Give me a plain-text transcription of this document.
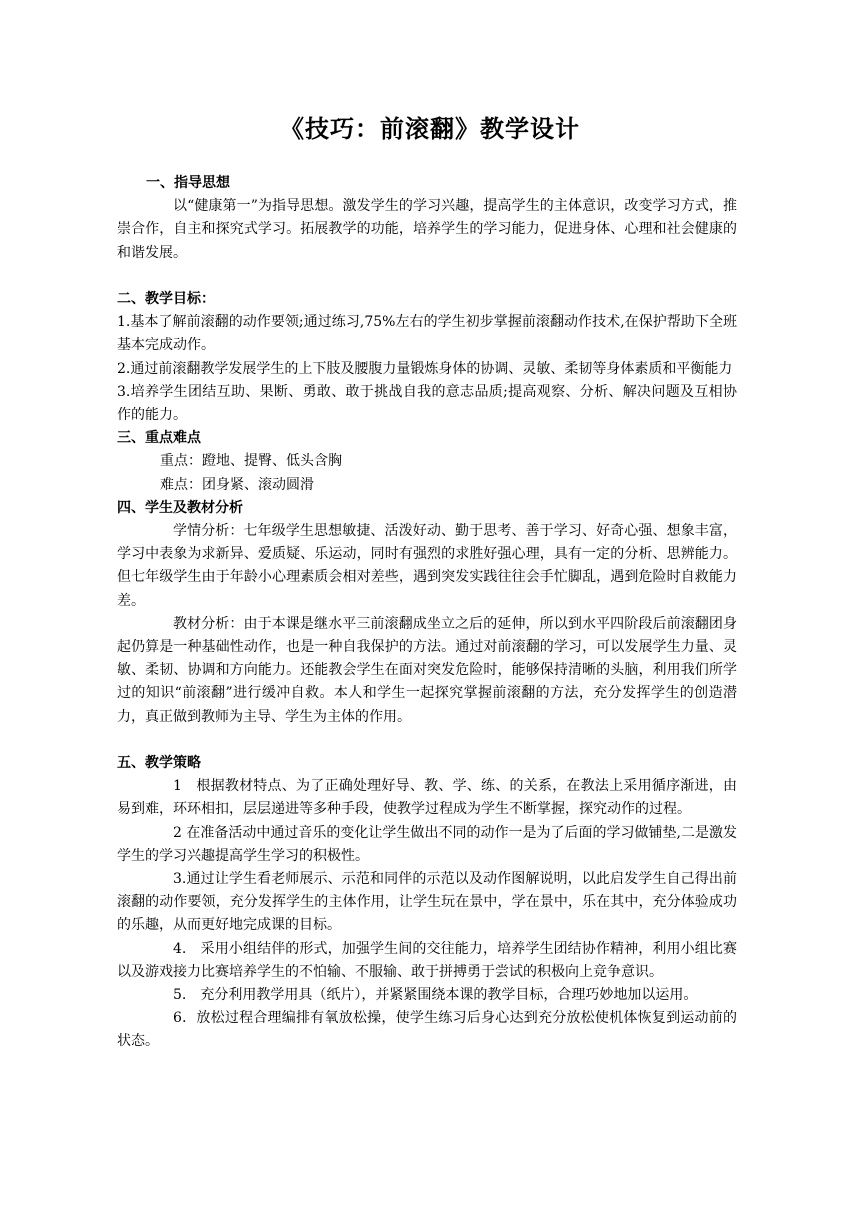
《技巧：前滚翻》教学设计

一、指导思想

以“健康第一”为指导思想。激发学生的学习兴趣，提高学生的主体意识，改变学习方式，推崇合作，自主和探究式学习。拓展教学的功能，培养学生的学习能力，促进身体、心理和社会健康的和谐发展。

二、教学目标：

1.基本了解前滚翻的动作要领;通过练习,75%左右的学生初步掌握前滚翻动作技术,在保护帮助下全班基本完成动作。

2.通过前滚翻教学发展学生的上下肢及腰腹力量锻炼身体的协调、灵敏、柔韧等身体素质和平衡能力

3.培养学生团结互助、果断、勇敢、敢于挑战自我的意志品质;提高观察、分析、解决问题及互相协作的能力。

三、重点难点

重点：蹬地、提臀、低头含胸

难点：团身紧、滚动圆滑

四、学生及教材分析

学情分析：七年级学生思想敏捷、活泼好动、勤于思考、善于学习、好奇心强、想象丰富，学习中表象为求新异、爱质疑、乐运动，同时有强烈的求胜好强心理，具有一定的分析、思辨能力。但七年级学生由于年龄小心理素质会相对差些，遇到突发实践往往会手忙脚乱，遇到危险时自救能力差。

教材分析：由于本课是继水平三前滚翻成坐立之后的延伸，所以到水平四阶段后前滚翻团身起仍算是一种基础性动作，也是一种自我保护的方法。通过对前滚翻的学习，可以发展学生力量、灵敏、柔韧、协调和方向能力。还能教会学生在面对突发危险时，能够保持清晰的头脑，利用我们所学过的知识“前滚翻”进行缓冲自救。本人和学生一起探究掌握前滚翻的方法，充分发挥学生的创造潜力，真正做到教师为主导、学生为主体的作用。

五、教学策略

1　根据教材特点、为了正确处理好导、教、学、练、的关系，在教法上采用循序渐进，由易到难，环环相扣，层层递进等多种手段，使教学过程成为学生不断掌握，探究动作的过程。

2 在准备活动中通过音乐的变化让学生做出不同的动作一是为了后面的学习做铺垫,二是激发学生的学习兴趣提高学生学习的积极性。

3.通过让学生看老师展示、示范和同伴的示范以及动作图解说明，以此启发学生自己得出前滚翻的动作要领，充分发挥学生的主体作用，让学生玩在景中，学在景中，乐在其中，充分体验成功的乐趣，从而更好地完成课的目标。

4.　采用小组结伴的形式，加强学生间的交往能力，培养学生团结协作精神，利用小组比赛以及游戏接力比赛培养学生的不怕输、不服输、敢于拼搏勇于尝试的积极向上竞争意识。

5.　充分利用教学用具（纸片），并紧紧围绕本课的教学目标，合理巧妙地加以运用。

6．放松过程合理编排有氧放松操，使学生练习后身心达到充分放松使机体恢复到运动前的状态。
